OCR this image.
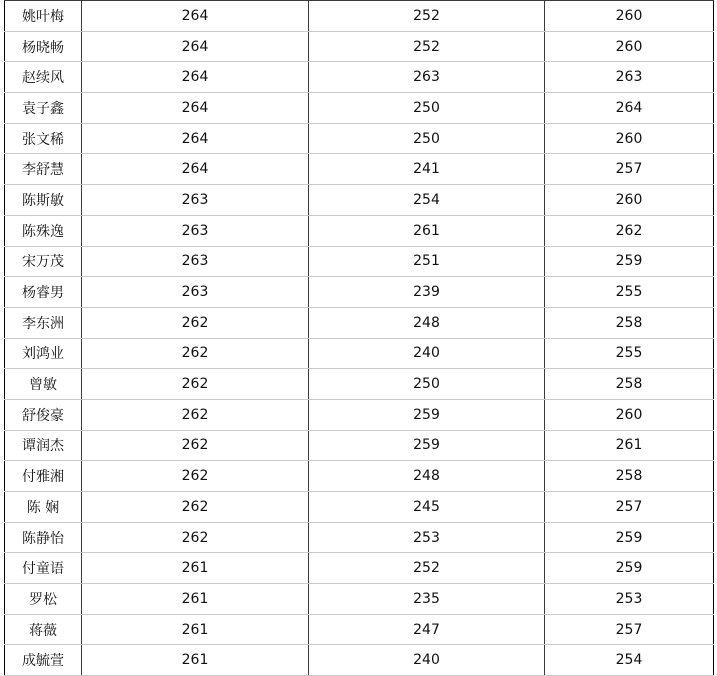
姚叶梅	264	252	260
杨晓畅	264	252	260
赵续风	264	263	263
袁子鑫	264	250	264
张文稀	264	250	260
李舒慧	264	241	257
陈斯敏	263	254	260
陈殊逸	263	261	262
宋万茂	263	251	259
杨睿男	263	239	255
李东洲	262	248	258
刘鸿业	262	240	255
曾敏	262	250	258
舒俊豪	262	259	260
谭润杰	262	259	261
付雅湘	262	248	258
陈 娴	262	245	257
陈静怡	262	253	259
付童语	261	252	259
罗松	261	235	253
蒋薇	261	247	257
成毓萱	261	240	254
